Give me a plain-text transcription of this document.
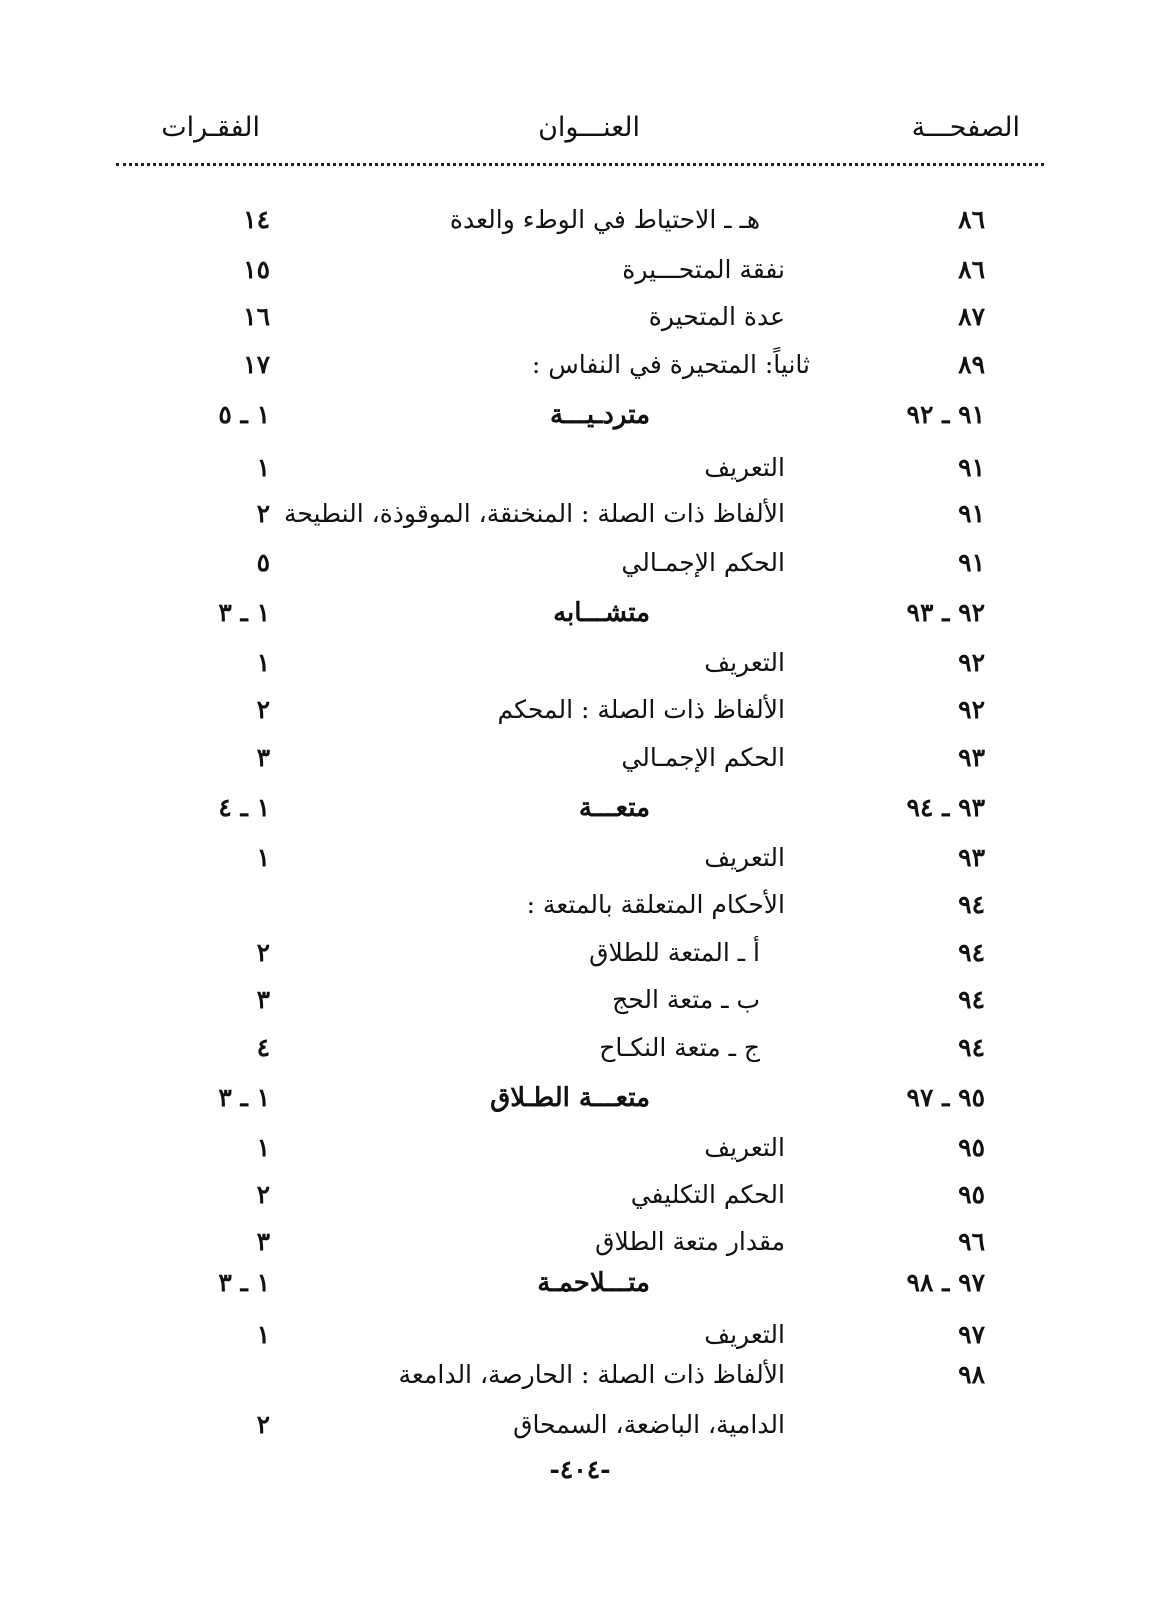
الصفحـــة
العنـــوان
الفقـرات
٨٦
هـ ـ الاحتياط في الوطء والعدة
١٤
٨٦
نفقة المتحـــيرة
١٥
٨٧
عدة المتحيرة
١٦
٨٩
ثانياً: المتحيرة في النفاس :
١٧
٩١ ـ ٩٢
متردـيـــة
١ ـ ٥
٩١
التعريف
١
٩١
الألفاظ ذات الصلة : المنخنقة، الموقوذة، النطيحة
٢
٩١
الحكم الإجمـالي
٥
٩٢ ـ ٩٣
متشـــابه
١ ـ ٣
٩٢
التعريف
١
٩٢
الألفاظ ذات الصلة : المحكم
٢
٩٣
الحكم الإجمـالي
٣
٩٣ ـ ٩٤
متعـــة
١ ـ ٤
٩٣
التعريف
١
٩٤
الأحكام المتعلقة بالمتعة :
٩٤
أ ـ المتعة للطلاق
٢
٩٤
ب ـ متعة الحج
٣
٩٤
ج ـ متعة النكـاح
٤
٩٥ ـ ٩٧
متعـــة الطـلاق
١ ـ ٣
٩٥
التعريف
١
٩٥
الحكم التكليفي
٢
٩٦
مقدار متعة الطلاق
٣
٩٧ ـ ٩٨
متـــلاحمـة
١ ـ ٣
٩٧
التعريف
١
٩٨
الألفاظ ذات الصلة : الحارصة، الدامعة
الدامية، الباضعة، السمحاق
٢
-٤٠٤-
